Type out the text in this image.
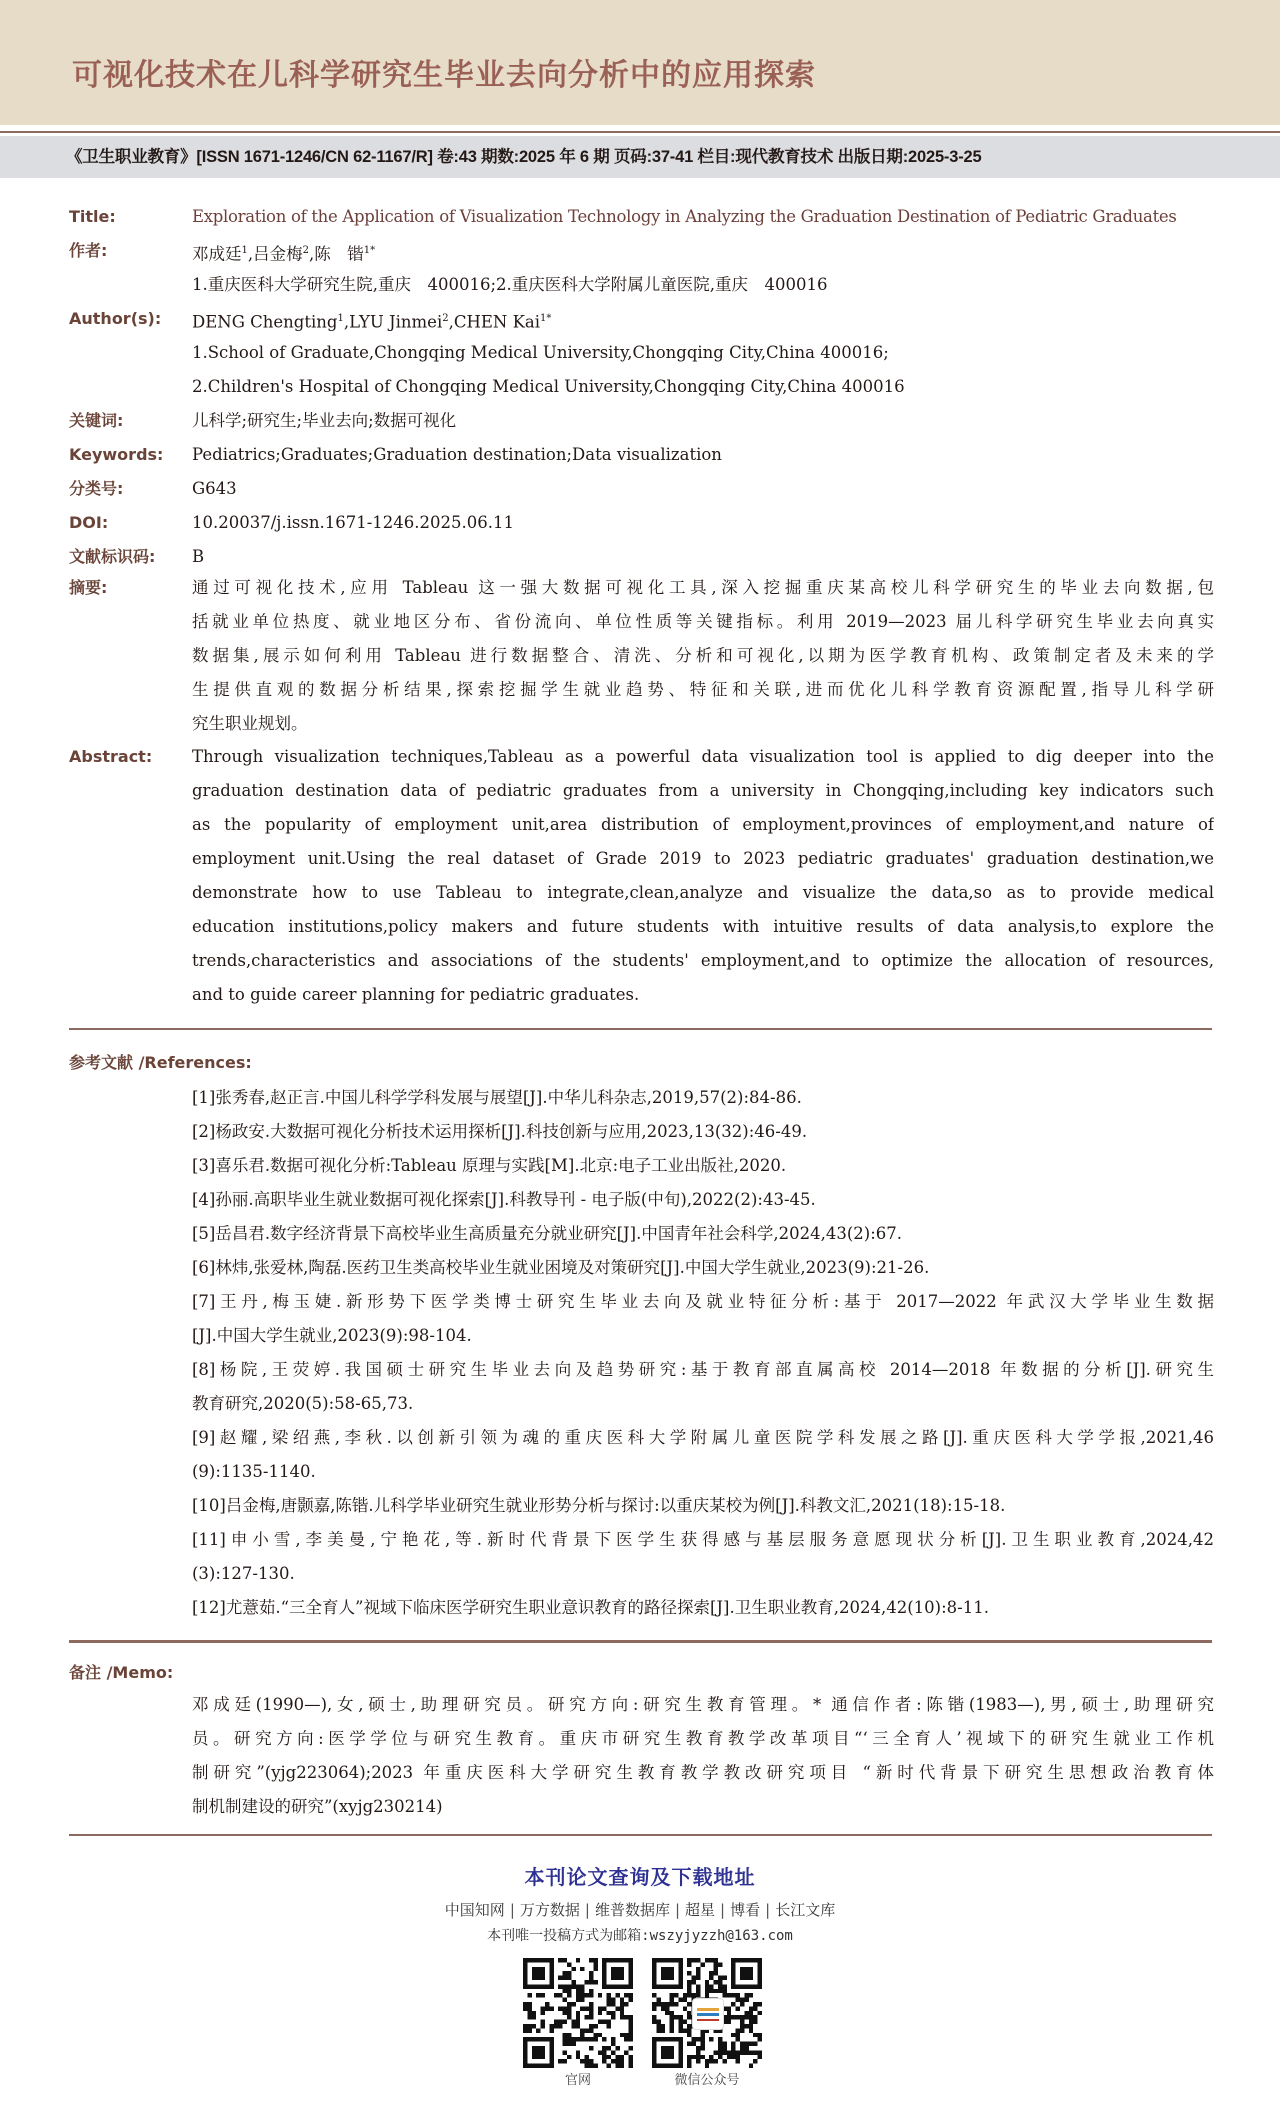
可视化技术在儿科学研究生毕业去向分析中的应用探索
《卫生职业教育》[ISSN 1671-1246/CN 62-1167/R] 卷:43 期数:2025 年 6 期 页码:37-41 栏目:现代教育技术 出版日期:2025-3-25
Title:	Exploration of the Application of Visualization Technology in Analyzing the Graduation Destination of Pediatric Graduates
作者:	邓成廷$^1$,吕金梅$^2$,陈　锴$^{1*}$
1.重庆医科大学研究生院,重庆　400016;2.重庆医科大学附属儿童医院,重庆　400016
Author(s): DENG Chengting$^1$,LYU Jinmei$^2$,CHEN Kai$^{1*}$
1.School of Graduate,Chongqing Medical University,Chongqing City,China 400016;
2.Children's Hospital of Chongqing Medical University,Chongqing City,China 400016
关键词:	儿科学;研究生;毕业去向;数据可视化
Keywords: Pediatrics;Graduates;Graduation destination;Data visualization
分类号:	G643
DOI:	10.20037/j.issn.1671-1246.2025.06.11
文献标识码: B
摘要:	通过可视化技术,应用 Tableau 这一强大数据可视化工具,深入挖掘重庆某高校儿科学研究生的毕业去向数据,包
括就业单位热度、就业地区分布、省份流向、单位性质等关键指标。利用 2019—2023 届儿科学研究生毕业去向真实
数据集,展示如何利用 Tableau 进行数据整合、清洗、分析和可视化,以期为医学教育机构、政策制定者及未来的学
生提供直观的数据分析结果,探索挖掘学生就业趋势、特征和关联,进而优化儿科学教育资源配置,指导儿科学研
究生职业规划。
Abstract: Through visualization techniques,Tableau as a powerful data visualization tool is applied to dig deeper into the
graduation destination data of pediatric graduates from a university in Chongqing,including key indicators such
as the popularity of employment unit,area distribution of employment,provinces of employment,and nature of
employment unit.Using the real dataset of Grade 2019 to 2023 pediatric graduates' graduation destination,we
demonstrate how to use Tableau to integrate,clean,analyze and visualize the data,so as to provide medical
education institutions,policy makers and future students with intuitive results of data analysis,to explore the
trends,characteristics and associations of the students' employment,and to optimize the allocation of resources,
and to guide career planning for pediatric graduates.
参考文献 /References:
[1]张秀春,赵正言.中国儿科学学科发展与展望[J].中华儿科杂志,2019,57(2):84-86.
[2]杨政安.大数据可视化分析技术运用探析[J].科技创新与应用,2023,13(32):46-49.
[3]喜乐君.数据可视化分析:Tableau 原理与实践[M].北京:电子工业出版社,2020.
[4]孙丽.高职毕业生就业数据可视化探索[J].科教导刊 - 电子版(中旬),2022(2):43-45.
[5]岳昌君.数字经济背景下高校毕业生高质量充分就业研究[J].中国青年社会科学,2024,43(2):67.
[6]林炜,张爱林,陶磊.医药卫生类高校毕业生就业困境及对策研究[J].中国大学生就业,2023(9):21-26.
[7]王丹,梅玉婕.新形势下医学类博士研究生毕业去向及就业特征分析:基于 2017—2022 年武汉大学毕业生数据
[J].中国大学生就业,2023(9):98-104.
[8]杨院,王荧婷.我国硕士研究生毕业去向及趋势研究:基于教育部直属高校 2014—2018 年数据的分析[J].研究生
教育研究,2020(5):58-65,73.
[9]赵耀,梁绍燕,李秋.以创新引领为魂的重庆医科大学附属儿童医院学科发展之路[J].重庆医科大学学报,2021,46
(9):1135-1140.
[10]吕金梅,唐颢嘉,陈锴.儿科学毕业研究生就业形势分析与探讨:以重庆某校为例[J].科教文汇,2021(18):15-18.
[11]申小雪,李美曼,宁艳花,等.新时代背景下医学生获得感与基层服务意愿现状分析[J].卫生职业教育,2024,42
(3):127-130.
[12]尤薏茹.“三全育人”视域下临床医学研究生职业意识教育的路径探索[J].卫生职业教育,2024,42(10):8-11.
备注 /Memo:
邓成廷(1990—),女,硕士,助理研究员。研究方向:研究生教育管理。* 通信作者:陈锴(1983—),男,硕士,助理研究
员。研究方向:医学学位与研究生教育。重庆市研究生教育教学改革项目“‘三全育人’视域下的研究生就业工作机
制研究”(yjg223064);2023 年重庆医科大学研究生教育教学教改研究项目 “新时代背景下研究生思想政治教育体
制机制建设的研究”(xyjg230214)
本刊论文查询及下载地址
中国知网 | 万方数据 | 维普数据库 | 超星 | 博看 | 长江文库
本刊唯一投稿方式为邮箱:wszyjyzzh@163.com
官网	微信公众号
